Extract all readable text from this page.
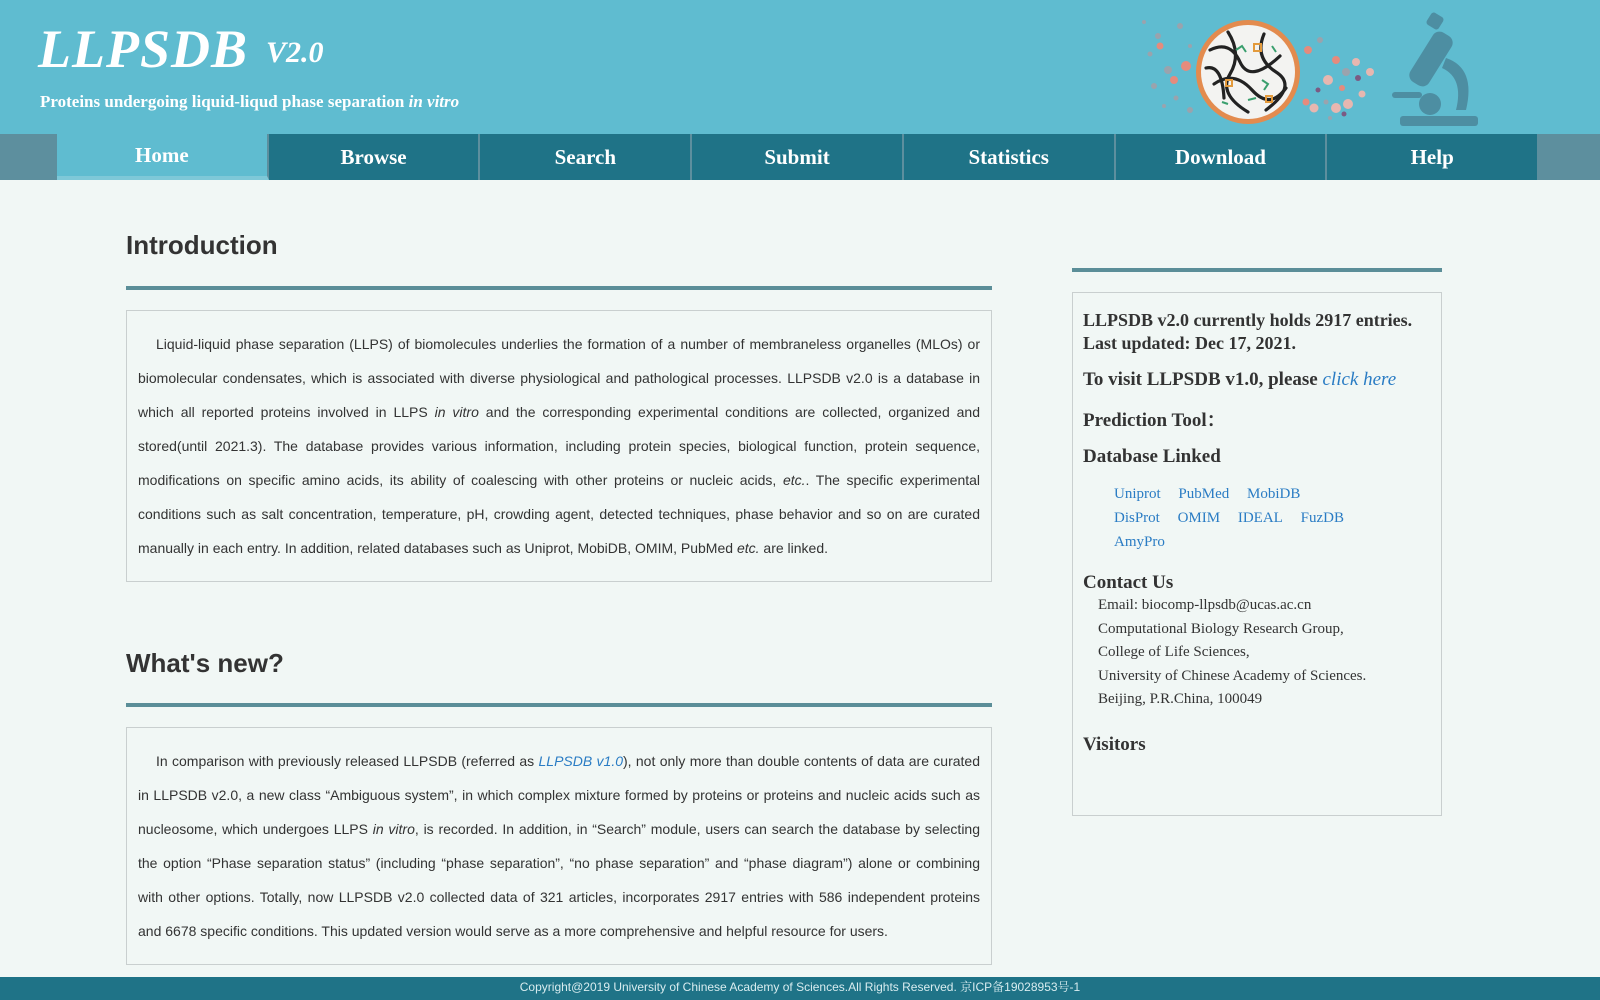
LLPSDB V2.0
Proteins undergoing liquid-liqud phase separation in vitro
Home	Browse	Search	Submit	Statistics	Download	Help
Introduction

Liquid-liquid phase separation (LLPS) of biomolecules underlies the formation of a number of membraneless organelles (MLOs) or biomolecular condensates, which is associated with diverse physiological and pathological processes. LLPSDB v2.0 is a database in which all reported proteins involved in LLPS in vitro and the corresponding experimental conditions are collected, organized and stored(until 2021.3). The database provides various information, including protein species, biological function, protein sequence, modifications on specific amino acids, its ability of coalescing with other proteins or nucleic acids, etc.. The specific experimental conditions such as salt concentration, temperature, pH, crowding agent, detected techniques, phase behavior and so on are curated manually in each entry. In addition, related databases such as Uniprot, MobiDB, OMIM, PubMed etc. are linked.

What's new?

In comparison with previously released LLPSDB (referred as LLPSDB v1.0), not only more than double contents of data are curated in LLPSDB v2.0, a new class “Ambiguous system”, in which complex mixture formed by proteins or proteins and nucleic acids such as nucleosome, which undergoes LLPS in vitro, is recorded. In addition, in “Search” module, users can search the database by selecting the option “Phase separation status” (including “phase separation”, “no phase separation” and “phase diagram”) alone or combining with other options. Totally, now LLPSDB v2.0 collected data of 321 articles, incorporates 2917 entries with 586 independent proteins and 6678 specific conditions. This updated version would serve as a more comprehensive and helpful resource for users.

LLPSDB v2.0 currently holds 2917 entries.
Last updated: Dec 17, 2021.
To visit LLPSDB v1.0, please click here
Prediction Tool：
Database Linked
Uniprot PubMed MobiDB
DisProt OMIM IDEAL FuzDB
AmyPro
Contact Us
Email: biocomp-llpsdb@ucas.ac.cn
Computational Biology Research Group,
College of Life Sciences,
University of Chinese Academy of Sciences.
Beijing, P.R.China, 100049
Visitors
Copyright@2019 University of Chinese Academy of Sciences.All Rights Reserved. 京ICP备19028953号-1
